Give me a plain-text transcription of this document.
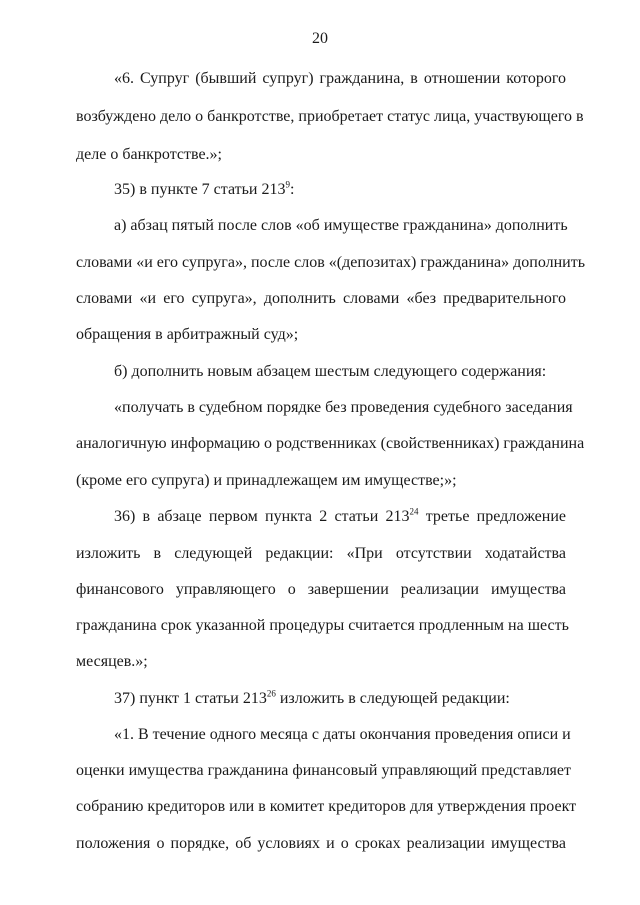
20
«6. Супруг (бывший супруг) гражданина, в отношении которого
возбуждено дело о банкротстве, приобретает статус лица, участвующего в
деле о банкротстве.»;
35) в пункте 7 статьи $213^9$:
а) абзац пятый после слов «об имуществе гражданина» дополнить
словами «и его супруга», после слов «(депозитах) гражданина» дополнить
словами «и его супруга», дополнить словами «без предварительного
обращения в арбитражный суд»;
б) дополнить новым абзацем шестым следующего содержания:
«получать в судебном порядке без проведения судебного заседания
аналогичную информацию о родственниках (свойственниках) гражданина
(кроме его супруга) и принадлежащем им имуществе;»;
36) в абзаце первом пункта 2 статьи $213^{24}$ третье предложение
изложить в следующей редакции: «При отсутствии ходатайства
финансового управляющего о завершении реализации имущества
гражданина срок указанной процедуры считается продленным на шесть
месяцев.»;
37) пункт 1 статьи $213^{26}$ изложить в следующей редакции:
«1. В течение одного месяца с даты окончания проведения описи и
оценки имущества гражданина финансовый управляющий представляет
собранию кредиторов или в комитет кредиторов для утверждения проект
положения о порядке, об условиях и о сроках реализации имущества
